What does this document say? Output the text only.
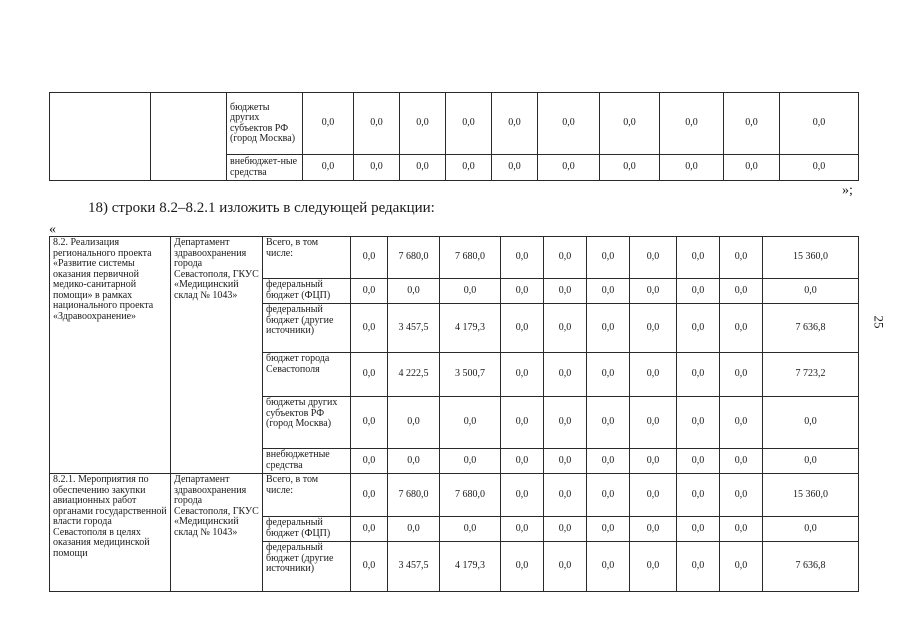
		бюджеты других субъектов РФ (город Москва)	0,0	0,0	0,0	0,0	0,0	0,0	0,0	0,0	0,0	0,0
		внебюджет-ные средства	0,0	0,0	0,0	0,0	0,0	0,0	0,0	0,0	0,0	0,0
»;
18) строки 8.2–8.2.1 изложить в следующей редакции:
«
8.2. Реализация регионального проекта «Развитие системы оказания первичной медико-санитарной помощи» в рамках национального проекта «Здравоохранение»	Департамент здравоохранения города Севастополя, ГКУС «Медицинский склад № 1043»	Всего, в том числе:	0,0	7 680,0	7 680,0	0,0	0,0	0,0	0,0	0,0	0,0	15 360,0
		федеральный бюджет (ФЦП)	0,0	0,0	0,0	0,0	0,0	0,0	0,0	0,0	0,0	0,0
		федеральный бюджет (другие источники)	0,0	3 457,5	4 179,3	0,0	0,0	0,0	0,0	0,0	0,0	7 636,8
		бюджет города Севастополя	0,0	4 222,5	3 500,7	0,0	0,0	0,0	0,0	0,0	0,0	7 723,2
		бюджеты других субъектов РФ (город Москва)	0,0	0,0	0,0	0,0	0,0	0,0	0,0	0,0	0,0	0,0
		внебюджетные средства	0,0	0,0	0,0	0,0	0,0	0,0	0,0	0,0	0,0	0,0
8.2.1. Мероприятия по обеспечению закупки авиационных работ органами государственной власти города Севастополя в целях оказания медицинской помощи	Департамент здравоохранения города Севастополя, ГКУС «Медицинский склад № 1043»	Всего, в том числе:	0,0	7 680,0	7 680,0	0,0	0,0	0,0	0,0	0,0	0,0	15 360,0
		федеральный бюджет (ФЦП)	0,0	0,0	0,0	0,0	0,0	0,0	0,0	0,0	0,0	0,0
		федеральный бюджет (другие источники)	0,0	3 457,5	4 179,3	0,0	0,0	0,0	0,0	0,0	0,0	7 636,8
25
